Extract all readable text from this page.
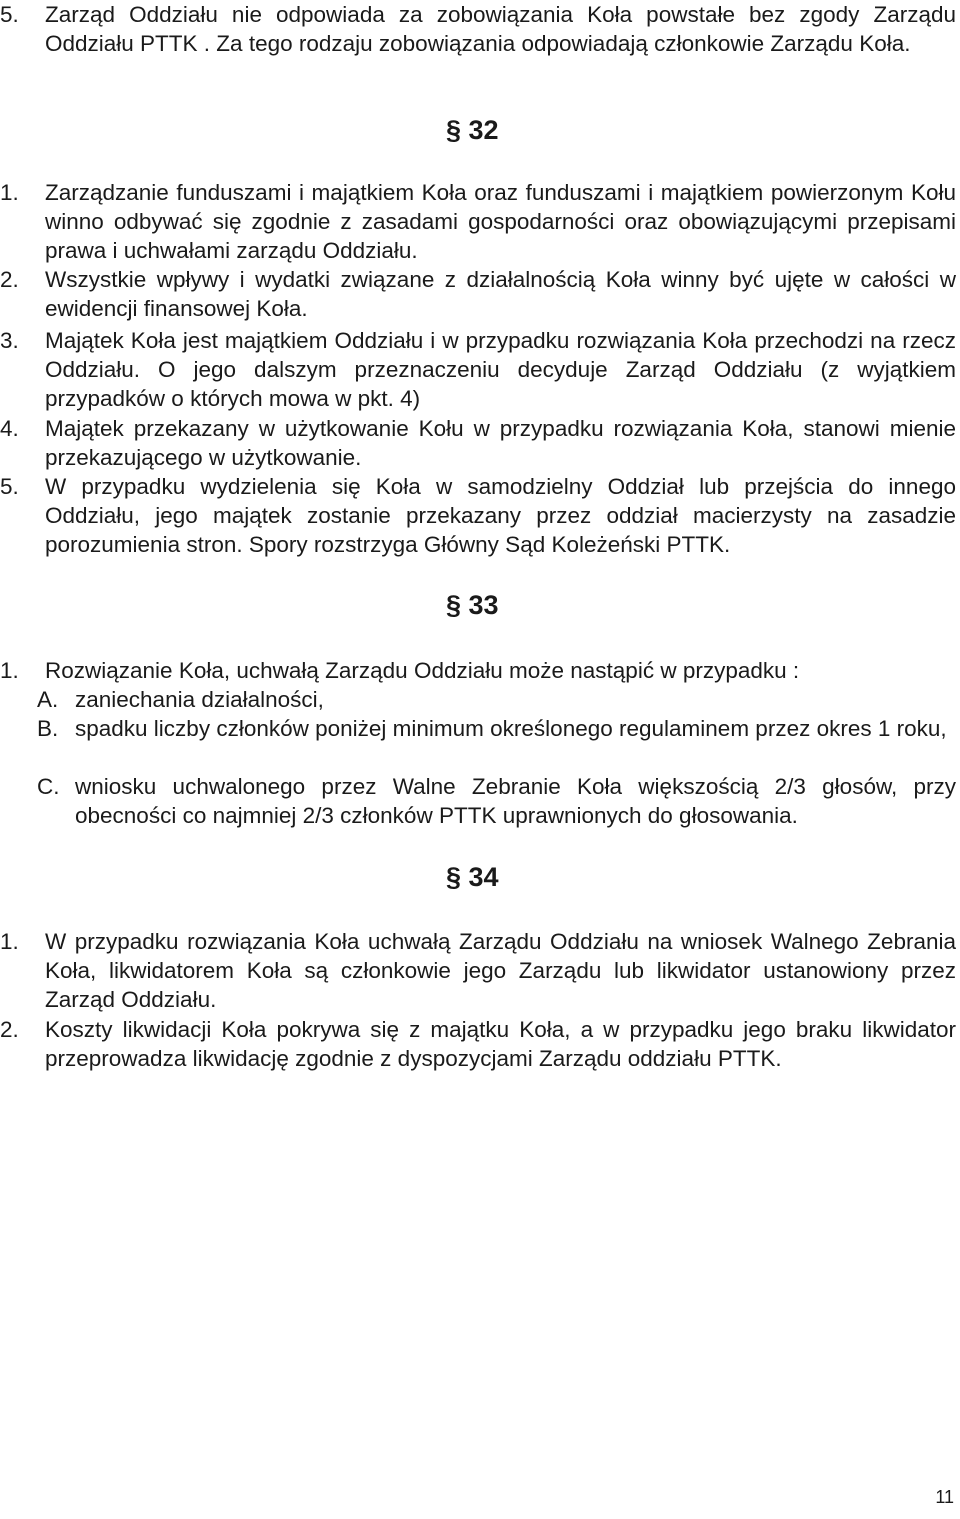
5. Zarząd Oddziału nie odpowiada za zobowiązania Koła powstałe bez zgody Zarządu Oddziału PTTK . Za tego rodzaju zobowiązania odpowiadają członkowie Zarządu Koła.
§ 32
1. Zarządzanie funduszami i majątkiem Koła oraz funduszami i majątkiem powierzonym Kołu winno odbywać się zgodnie z zasadami gospodarności oraz obowiązującymi przepisami prawa i uchwałami zarządu Oddziału.
2. Wszystkie wpływy i wydatki związane z działalnością Koła winny być ujęte w całości w ewidencji finansowej Koła.
3. Majątek Koła jest majątkiem Oddziału i w przypadku rozwiązania Koła przechodzi na rzecz Oddziału. O jego dalszym przeznaczeniu decyduje Zarząd Oddziału (z wyjątkiem przypadków o których mowa w pkt. 4)
4. Majątek przekazany w użytkowanie Kołu w przypadku rozwiązania Koła, stanowi mienie przekazującego w użytkowanie.
5. W przypadku wydzielenia się Koła w samodzielny Oddział lub przejścia do innego Oddziału, jego majątek zostanie przekazany przez oddział macierzysty na zasadzie porozumienia stron. Spory rozstrzyga Główny Sąd Koleżeński PTTK.
§ 33
1. Rozwiązanie Koła, uchwałą Zarządu Oddziału może nastąpić w przypadku :
A. zaniechania działalności,
B. spadku liczby członków poniżej minimum określonego regulaminem przez okres 1 roku,
C. wniosku uchwalonego przez Walne Zebranie Koła większością 2/3 głosów, przy obecności co najmniej 2/3 członków PTTK uprawnionych do głosowania.
§ 34
1. W przypadku rozwiązania Koła uchwałą Zarządu Oddziału na wniosek Walnego Zebrania Koła, likwidatorem Koła są członkowie jego Zarządu lub likwidator ustanowiony przez Zarząd Oddziału.
2. Koszty likwidacji Koła pokrywa się z majątku Koła, a w przypadku jego braku likwidator przeprowadza likwidację zgodnie z dyspozycjami Zarządu oddziału PTTK.
11
